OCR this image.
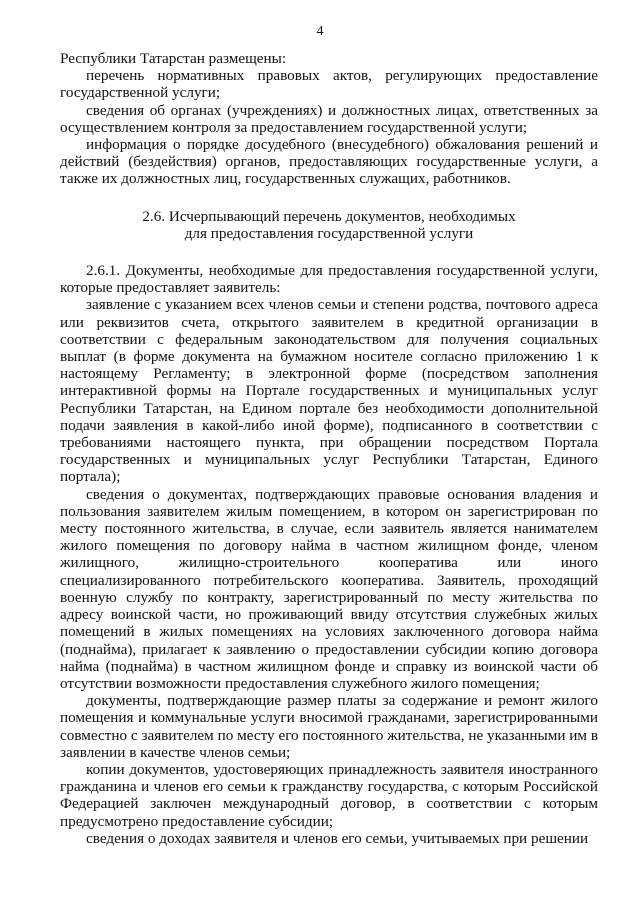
4

Республики Татарстан размещены:

перечень нормативных правовых актов, регулирующих предоставление государственной услуги;

сведения об органах (учреждениях) и должностных лицах, ответственных за осуществлением контроля за предоставлением государственной услуги;

информация о порядке досудебного (внесудебного) обжалования решений и действий (бездействия) органов, предоставляющих государственные услуги, а также их должностных лиц, государственных служащих, работников.

2.6. Исчерпывающий перечень документов, необходимых
для предоставления государственной услуги

2.6.1. Документы, необходимые для предоставления государственной услуги, которые предоставляет заявитель:

заявление с указанием всех членов семьи и степени родства, почтового адреса или реквизитов счета, открытого заявителем в кредитной организации в соответствии с федеральным законодательством для получения социальных выплат (в форме документа на бумажном носителе согласно приложению 1 к настоящему Регламенту; в электронной форме (посредством заполнения интерактивной формы на Портале государственных и муниципальных услуг Республики Татарстан, на Едином портале без необходимости дополнительной подачи заявления в какой-либо иной форме), подписанного в соответствии с требованиями настоящего пункта, при обращении посредством Портала государственных и муниципальных услуг Республики Татарстан, Единого портала);

сведения о документах, подтверждающих правовые основания владения и пользования заявителем жилым помещением, в котором он зарегистрирован по месту постоянного жительства, в случае, если заявитель является нанимателем жилого помещения по договору найма в частном жилищном фонде, членом жилищного, жилищно-строительного кооператива или иного специализированного потребительского кооператива. Заявитель, проходящий военную службу по контракту, зарегистрированный по месту жительства по адресу воинской части, но проживающий ввиду отсутствия служебных жилых помещений в жилых помещениях на условиях заключенного договора найма (поднайма), прилагает к заявлению о предоставлении субсидии копию договора найма (поднайма) в частном жилищном фонде и справку из воинской части об отсутствии возможности предоставления служебного жилого помещения;

документы, подтверждающие размер платы за содержание и ремонт жилого помещения и коммунальные услуги вносимой гражданами, зарегистрированными совместно с заявителем по месту его постоянного жительства, не указанными им в заявлении в качестве членов семьи;

копии документов, удостоверяющих принадлежность заявителя иностранного гражданина и членов его семьи к гражданству государства, с которым Российской Федерацией заключен международный договор, в соответствии с которым предусмотрено предоставление субсидии;

сведения о доходах заявителя и членов его семьи, учитываемых при решении
